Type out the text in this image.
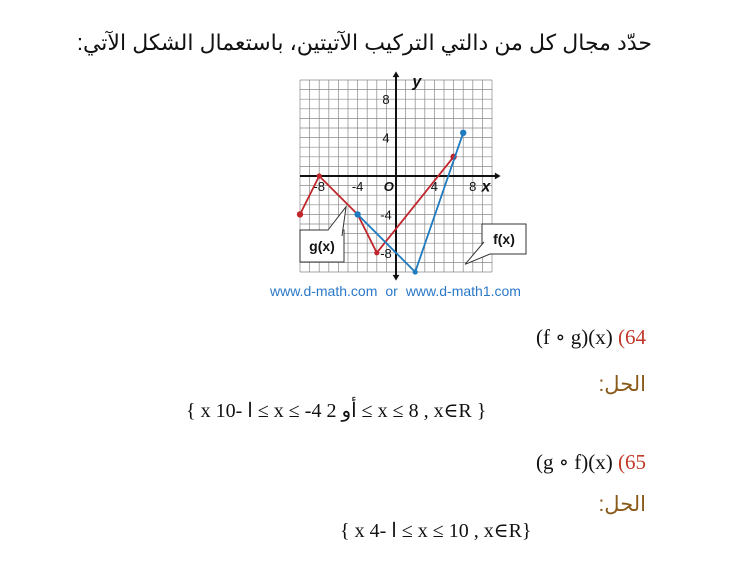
حدّد مجال كل من دالتي التركيب الآتيتين، باستعمال الشكل الآتي:
8
4
-4
-8
-8 -4	4 8
O
y
x
g(x)	f(x)
www.d-math.com or www.d-math1.com
(f ∘ g)(x) (64
الحل:
{ x ا -10 ≤ x ≤ -4 أو 2 ≤ x ≤ 8 , x∈R }
(g ∘ f)(x) (65
الحل:
{ x ا -4 ≤ x ≤ 10 , x∈R}
